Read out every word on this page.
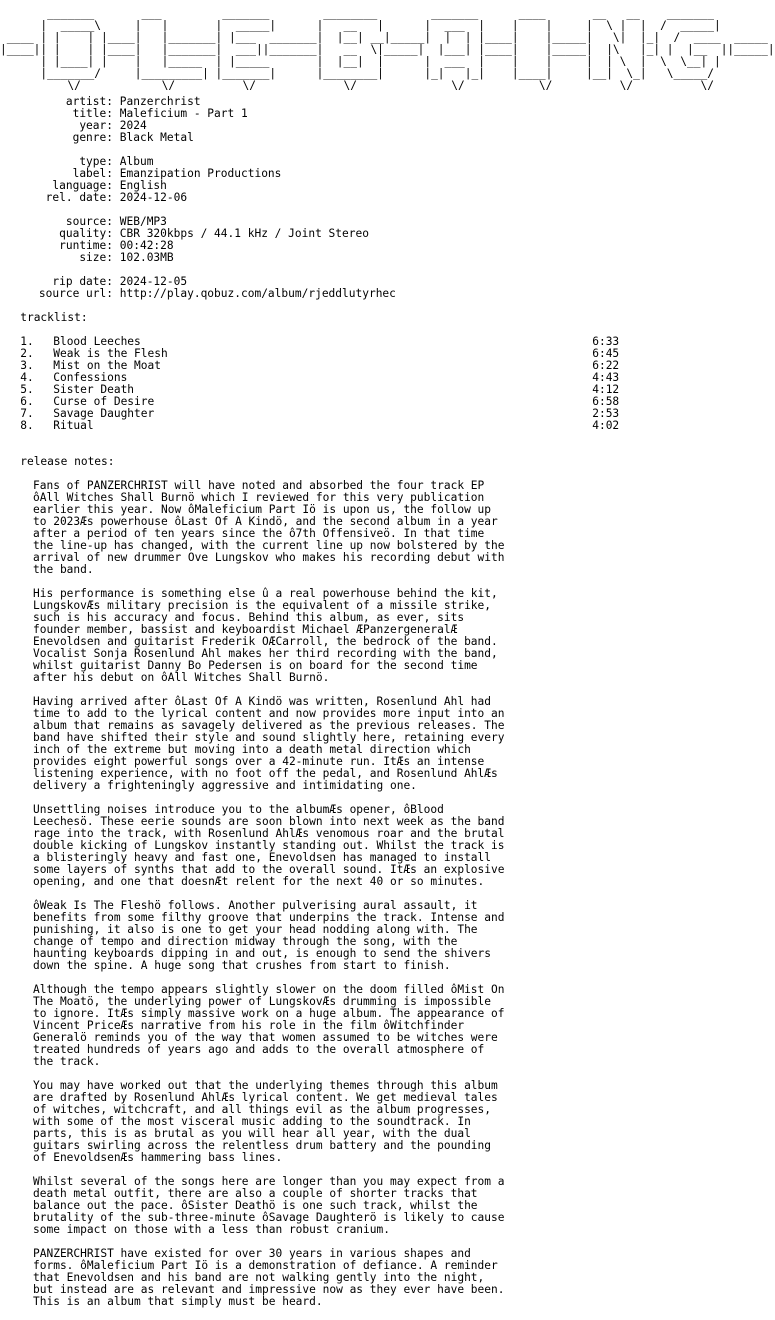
_______       ___         _______        ________        _______      ____       __   __    _______
|  _____\     |   |       |  _____|      |   __   |      |  ___  |    |    |     |  \ |  |  /  _____|
____ | |    | |____|   |_______| |___  _______|  |__| __|_____|  |  | |____|    |_____|   \|  |_|  /  ____  _____
|____|| |    | |____|   |_______|  ___||_______|   __  \|_____|  |___| |____|    |_____|  |\   |_| |  |__  ||_____|
| |____| |    |   |_____  | |_____       |  |__|  |      |  ___  |    |    |     |  | \  |  \  \__| |
|_______/     |_________| |_______|      |________|      |_|   |_|    |____|     |__|  \_|   \_____/
\/            \/          \/             \/              \/           \/          \/          \/
artist: Panzerchrist
title: Maleficium - Part 1
year: 2024
genre: Black Metal

type: Album
label: Emanzipation Productions
language: English
rel. date: 2024-12-06

source: WEB/MP3
quality: CBR 320kbps / 44.1 kHz / Joint Stereo
runtime: 00:42:28
size: 102.03MB

rip date: 2024-12-05
source url: http://play.qobuz.com/album/rjeddlutyrhec
tracklist:
1. Blood Leeches	6:33
2. Weak is the Flesh	6:45
3. Mist on the Moat	6:22
4. Confessions	4:43
5. Sister Death	4:12
6. Curse of Desire	6:58
7. Savage Daughter	2:53
8. Ritual	4:02
release notes:

Fans of PANZERCHRIST will have noted and absorbed the four track EP
ôAll Witches Shall Burnö which I reviewed for this very publication
earlier this year. Now ôMaleficium Part Iö is upon us, the follow up
to 2023Æs powerhouse ôLast Of A Kindö, and the second album in a year
after a period of ten years since the ô7th Offensiveö. In that time
the line-up has changed, with the current line up now bolstered by the
arrival of new drummer Ove Lungskov who makes his recording debut with
the band.

His performance is something else û a real powerhouse behind the kit,
LungskovÆs military precision is the equivalent of a missile strike,
such is his accuracy and focus. Behind this album, as ever, sits
founder member, bassist and keyboardist Michael ÆPanzergeneralÆ
Enevoldsen and guitarist Frederik OÆCarroll, the bedrock of the band.
Vocalist Sonja Rosenlund Ahl makes her third recording with the band,
whilst guitarist Danny Bo Pedersen is on board for the second time
after his debut on ôAll Witches Shall Burnö.

Having arrived after ôLast Of A Kindö was written, Rosenlund Ahl had
time to add to the lyrical content and now provides more input into an
album that remains as savagely delivered as the previous releases. The
band have shifted their style and sound slightly here, retaining every
inch of the extreme but moving into a death metal direction which
provides eight powerful songs over a 42-minute run. ItÆs an intense
listening experience, with no foot off the pedal, and Rosenlund AhlÆs
delivery a frighteningly aggressive and intimidating one.

Unsettling noises introduce you to the albumÆs opener, ôBlood
Leechesö. These eerie sounds are soon blown into next week as the band
rage into the track, with Rosenlund AhlÆs venomous roar and the brutal
double kicking of Lungskov instantly standing out. Whilst the track is
a blisteringly heavy and fast one, Enevoldsen has managed to install
some layers of synths that add to the overall sound. ItÆs an explosive
opening, and one that doesnÆt relent for the next 40 or so minutes.

ôWeak Is The Fleshö follows. Another pulverising aural assault, it
benefits from some filthy groove that underpins the track. Intense and
punishing, it also is one to get your head nodding along with. The
change of tempo and direction midway through the song, with the
haunting keyboards dipping in and out, is enough to send the shivers
down the spine. A huge song that crushes from start to finish.

Although the tempo appears slightly slower on the doom filled ôMist On
The Moatö, the underlying power of LungskovÆs drumming is impossible
to ignore. ItÆs simply massive work on a huge album. The appearance of
Vincent PriceÆs narrative from his role in the film ôWitchfinder
Generalö reminds you of the way that women assumed to be witches were
treated hundreds of years ago and adds to the overall atmosphere of
the track.

You may have worked out that the underlying themes through this album
are drafted by Rosenlund AhlÆs lyrical content. We get medieval tales
of witches, witchcraft, and all things evil as the album progresses,
with some of the most visceral music adding to the soundtrack. In
parts, this is as brutal as you will hear all year, with the dual
guitars swirling across the relentless drum battery and the pounding
of EnevoldsenÆs hammering bass lines.

Whilst several of the songs here are longer than you may expect from a
death metal outfit, there are also a couple of shorter tracks that
balance out the pace. ôSister Deathö is one such track, whilst the
brutality of the sub-three-minute ôSavage Daughterö is likely to cause
some impact on those with a less than robust cranium.

PANZERCHRIST have existed for over 30 years in various shapes and
forms. ôMaleficium Part Iö is a demonstration of defiance. A reminder
that Enevoldsen and his band are not walking gently into the night,
but instead are as relevant and impressive now as they ever have been.
This is an album that simply must be heard.
